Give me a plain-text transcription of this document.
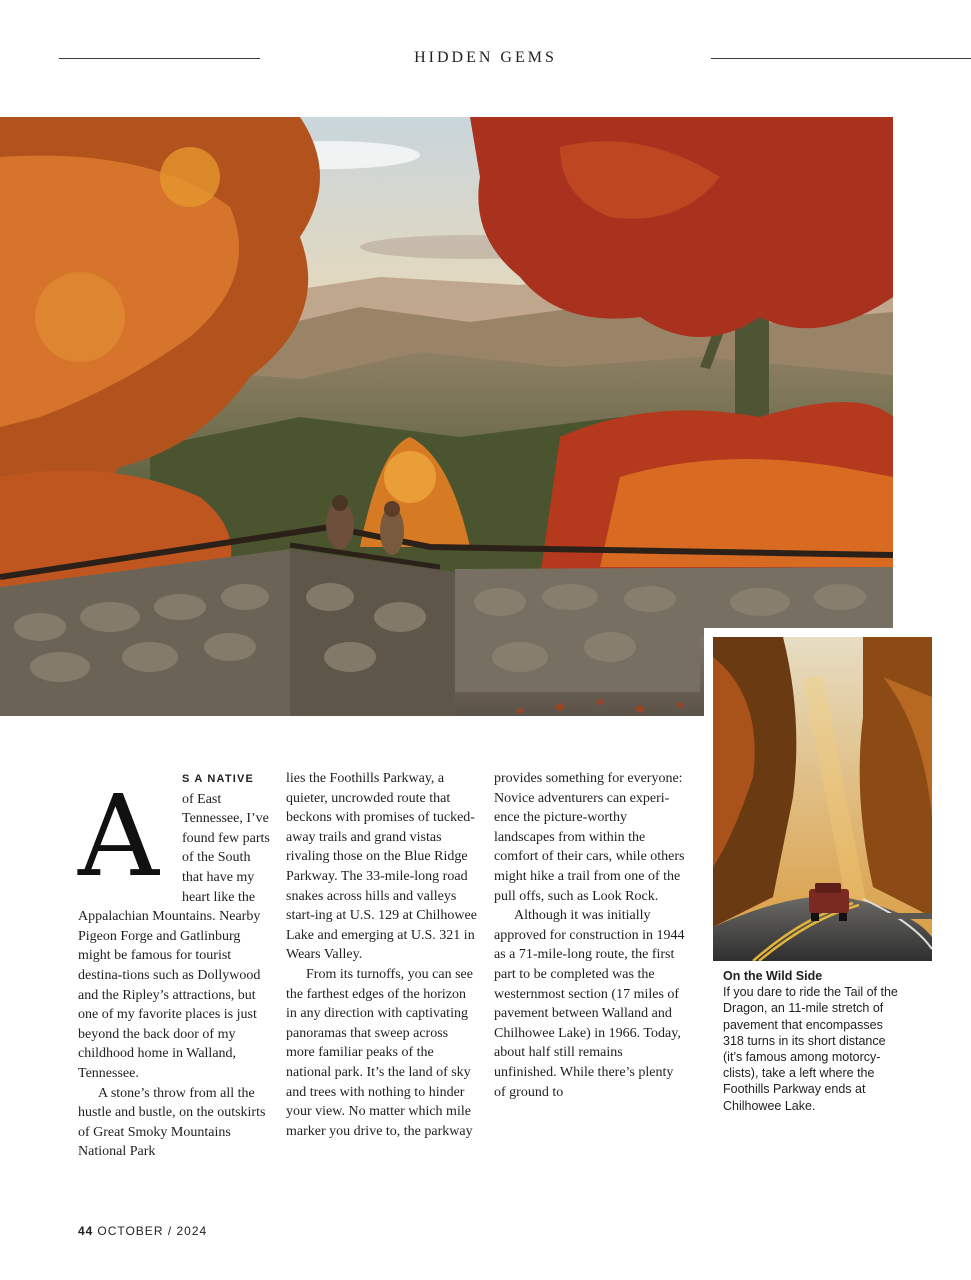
HIDDEN GEMS
A	S A NATIVE
of East Tennessee, I’ve found few parts of the South that have my heart like the Appalachian Mountains. Nearby Pigeon Forge and Gatlinburg might be famous for tourist destina-tions such as Dollywood and the Ripley’s attractions, but one of my favorite places is just beyond the back door of my childhood home in Walland, Tennessee.

A stone’s throw from all the hustle and bustle, on the outskirts of Great Smoky Mountains National Park

lies the Foothills Parkway, a quieter, uncrowded route that beckons with promises of tucked-away trails and grand vistas rivaling those on the Blue Ridge Parkway. The 33-mile-long road snakes across hills and valleys start-ing at U.S. 129 at Chilhowee Lake and emerging at U.S. 321 in Wears Valley.

From its turnoffs, you can see the farthest edges of the horizon in any direction with captivating panoramas that sweep across more familiar peaks of the national park. It’s the land of sky and trees with nothing to hinder your view. No matter which mile marker you drive to, the parkway

provides something for everyone: Novice adventurers can experi-ence the picture-worthy landscapes from within the comfort of their cars, while others might hike a trail from one of the pull offs, such as Look Rock.

Although it was initially approved for construction in 1944 as a 71-mile-long route, the first part to be completed was the westernmost section (17 miles of pavement between Walland and Chilhowee Lake) in 1966. Today, about half still remains unfinished. While there’s plenty of ground to

On the Wild Side
If you dare to ride the Tail of the Dragon, an 11-mile stretch of pavement that encompasses 318 turns in its short distance (it’s famous among motorcy-clists), take a left where the Foothills Parkway ends at Chilhowee Lake.
44 OCTOBER / 2024
